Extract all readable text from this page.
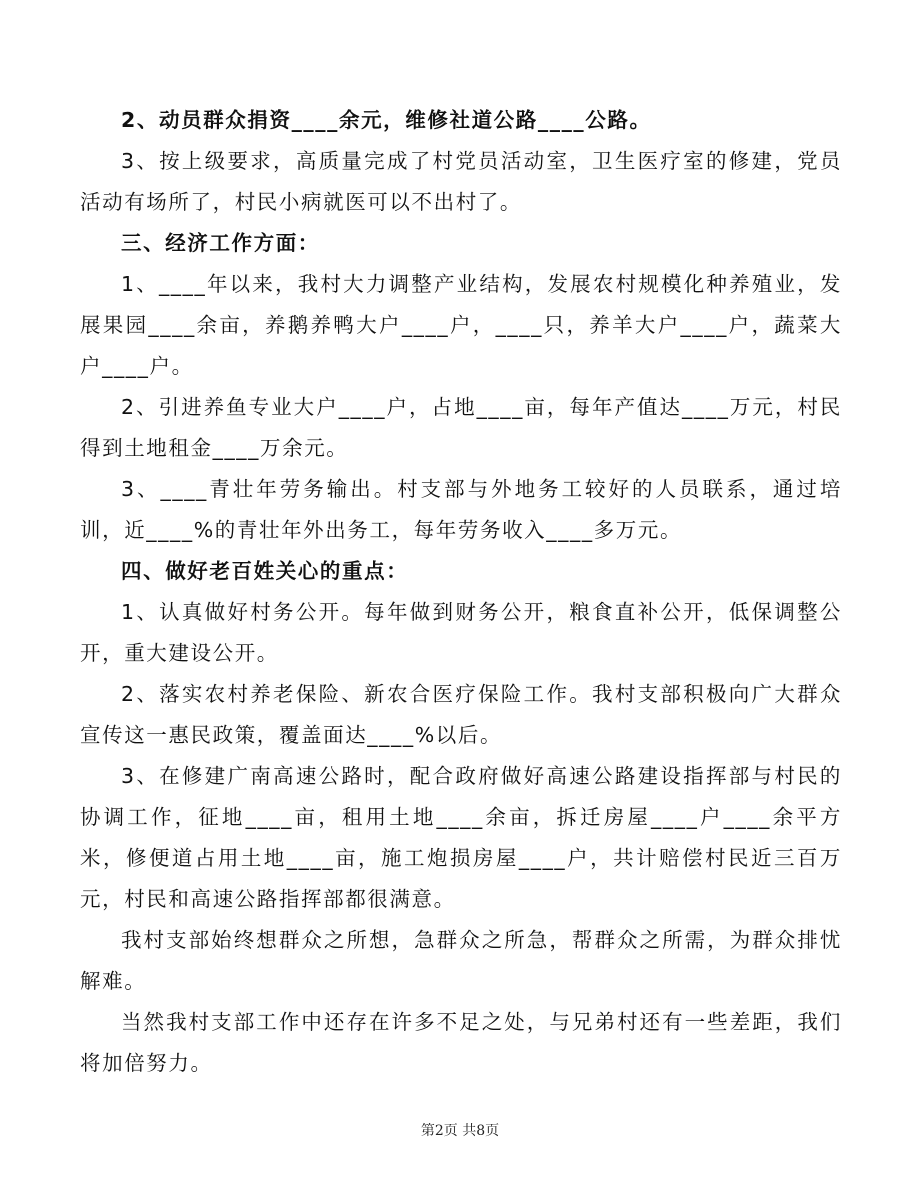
2、动员群众捐资____余元，维修社道公路____公路。

3、按上级要求，高质量完成了村党员活动室，卫生医疗室的修建，党员活动有场所了，村民小病就医可以不出村了。

三、经济工作方面：

1、____年以来，我村大力调整产业结构，发展农村规模化种养殖业，发展果园____余亩，养鹅养鸭大户____户，____只，养羊大户____户，蔬菜大户____户。

2、引进养鱼专业大户____户，占地____亩，每年产值达____万元，村民得到土地租金____万余元。

3、____青壮年劳务输出。村支部与外地务工较好的人员联系，通过培训，近____%的青壮年外出务工，每年劳务收入____多万元。

四、做好老百姓关心的重点：

1、认真做好村务公开。每年做到财务公开，粮食直补公开，低保调整公开，重大建设公开。

2、落实农村养老保险、新农合医疗保险工作。我村支部积极向广大群众宣传这一惠民政策，覆盖面达____%以后。

3、在修建广南高速公路时，配合政府做好高速公路建设指挥部与村民的协调工作，征地____亩，租用土地____余亩，拆迁房屋____户____余平方米，修便道占用土地____亩，施工炮损房屋____户，共计赔偿村民近三百万元，村民和高速公路指挥部都很满意。

我村支部始终想群众之所想，急群众之所急，帮群众之所需，为群众排忧解难。

当然我村支部工作中还存在许多不足之处，与兄弟村还有一些差距，我们将加倍努力。

第2页 共8页
